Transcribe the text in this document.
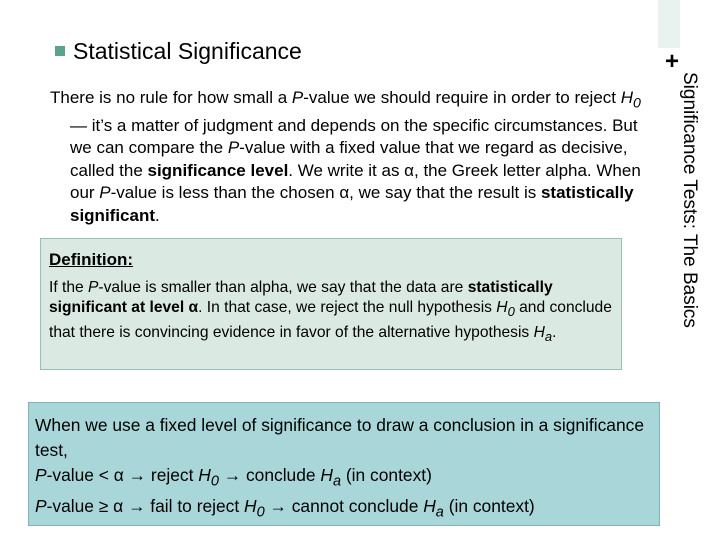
+
Significance Tests: The Basics
Statistical Significance

There is no rule for how small a P-value we should require in order to reject $H_0$ — it’s a matter of judgment and depends on the specific circumstances. But we can compare the P-value with a fixed value that we regard as decisive, called the significance level. We write it as α, the Greek letter alpha. When our P-value is less than the chosen α, we say that the result is statistically significant.

Definition:
If the P-value is smaller than alpha, we say that the data are statistically significant at level α. In that case, we reject the null hypothesis $H_0$ and conclude that there is convincing evidence in favor of the alternative hypothesis $H_a$.

When we use a fixed level of significance to draw a conclusion in a significance test,

P-value < α → reject $H_0$ → conclude $H_a$ (in context)

P-value ≥ α → fail to reject $H_0$ → cannot conclude $H_a$ (in context)
